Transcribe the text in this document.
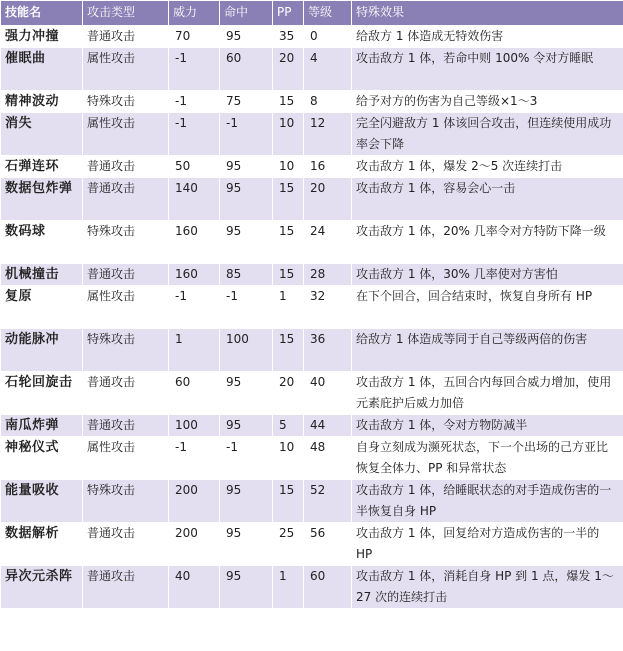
技能名	攻击类型	威力	命中	PP	等级	特殊效果
强力冲撞	普通攻击	70	95	35	0	给敌方 1 体造成无特效伤害
催眠曲	属性攻击	-1	60	20	4	攻击敌方 1 体，若命中则 100% 令对方睡眠
精神波动	特殊攻击	-1	75	15	8	给予对方的伤害为自己等级×1～3
消失	属性攻击	-1	-1	10	12	完全闪避敌方 1 体该回合攻击，但连续使用成功率会下降
石弹连环	普通攻击	50	95	10	16	攻击敌方 1 体，爆发 2～5 次连续打击
数据包炸弹	普通攻击	140	95	15	20	攻击敌方 1 体，容易会心一击
数码球	特殊攻击	160	95	15	24	攻击敌方 1 体，20% 几率令对方特防下降一级
机械撞击	普通攻击	160	85	15	28	攻击敌方 1 体，30% 几率使对方害怕
复原	属性攻击	-1	-1	1	32	在下个回合，回合结束时，恢复自身所有 HP
动能脉冲	特殊攻击	1	100	15	36	给敌方 1 体造成等同于自己等级两倍的伤害
石轮回旋击	普通攻击	60	95	20	40	攻击敌方 1 体，五回合内每回合威力增加，使用元素庇护后威力加倍
南瓜炸弹	普通攻击	100	95	5	44	攻击敌方 1 体，令对方物防减半
神秘仪式	属性攻击	-1	-1	10	48	自身立刻成为濒死状态，下一个出场的己方亚比恢复全体力、PP 和异常状态
能量吸收	特殊攻击	200	95	15	52	攻击敌方 1 体，给睡眠状态的对手造成伤害的一半恢复自身 HP
数据解析	普通攻击	200	95	25	56	攻击敌方 1 体，回复给对方造成伤害的一半的 HP
异次元杀阵	普通攻击	40	95	1	60	攻击敌方 1 体，消耗自身 HP 到 1 点，爆发 1～27 次的连续打击
